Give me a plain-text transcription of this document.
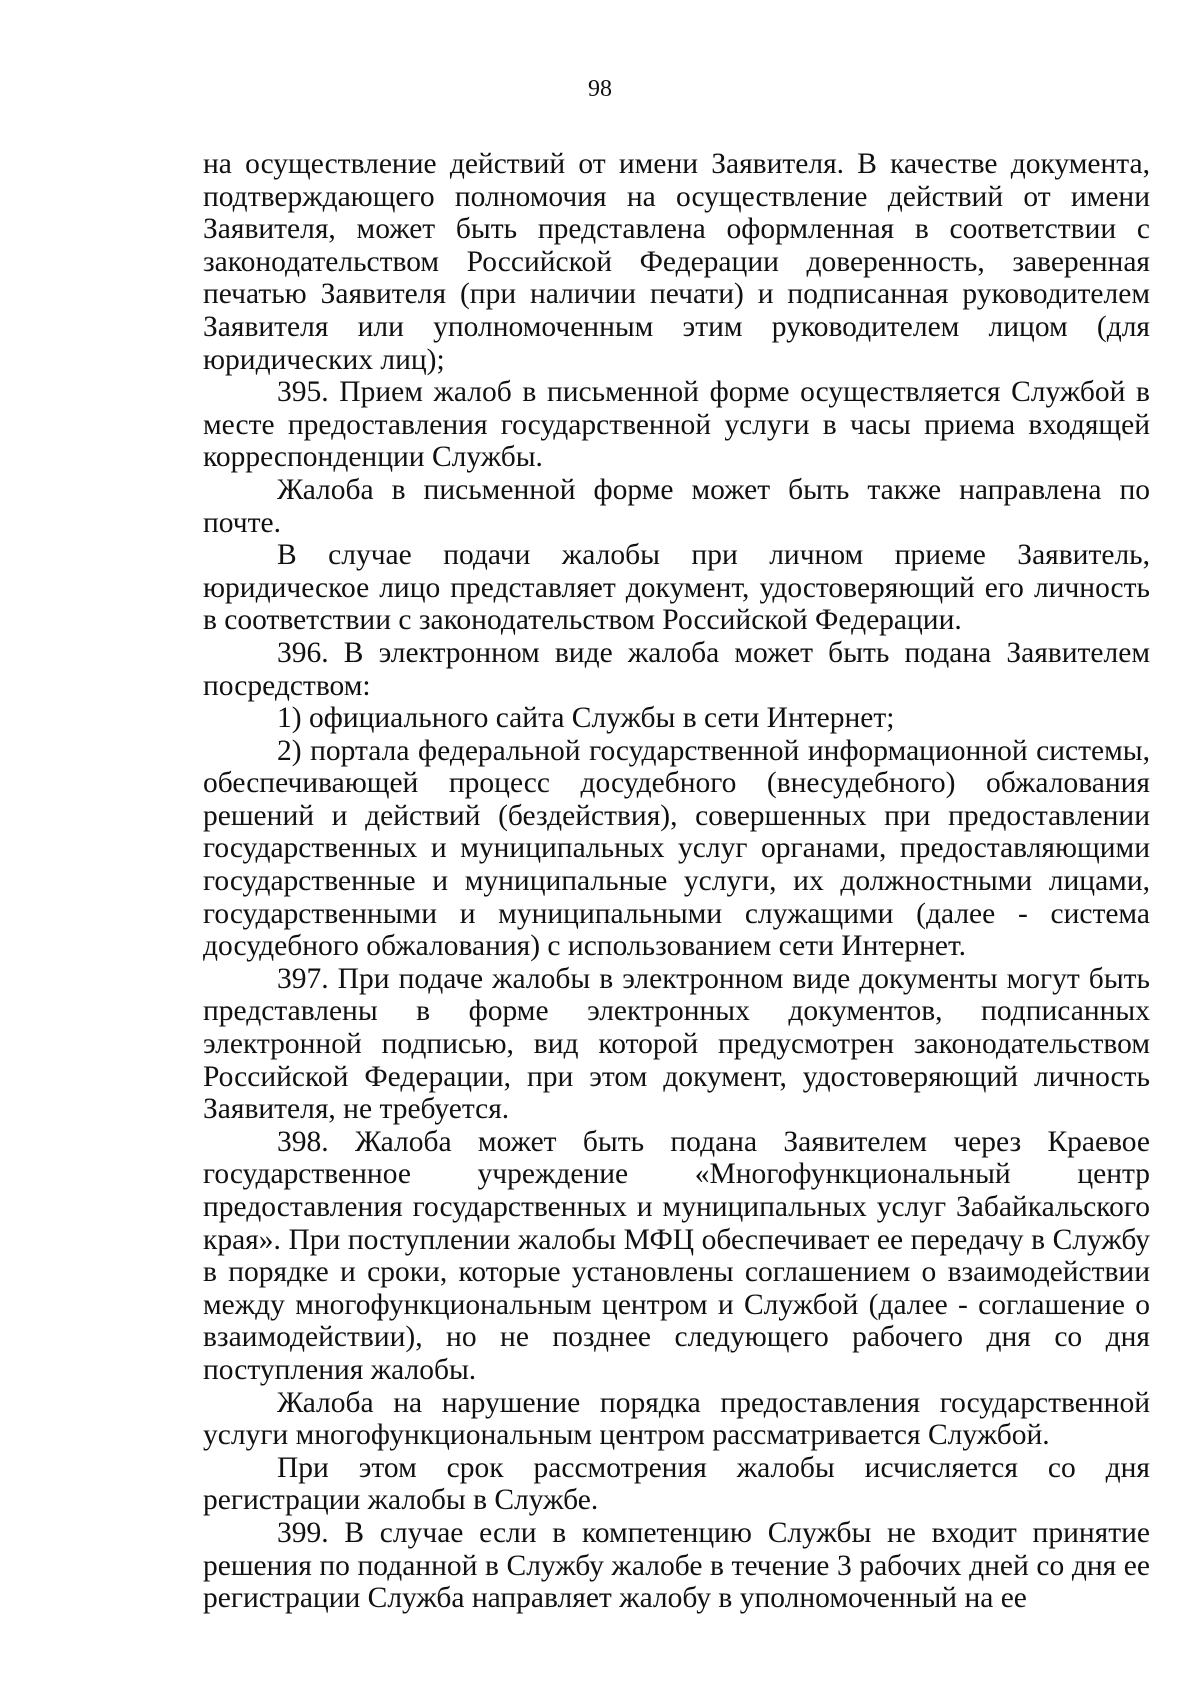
98

на осуществление действий от имени Заявителя. В качестве документа, подтверждающего полномочия на осуществление действий от имени Заявителя, может быть представлена оформленная в соответствии с законодательством Российской Федерации доверенность, заверенная печатью Заявителя (при наличии печати) и подписанная руководителем Заявителя или уполномоченным этим руководителем лицом (для юридических лиц);

395. Прием жалоб в письменной форме осуществляется Службой в месте предоставления государственной услуги в часы приема входящей корреспонденции Службы.

Жалоба в письменной форме может быть также направлена по почте.

В случае подачи жалобы при личном приеме Заявитель, юридическое лицо представляет документ, удостоверяющий его личность в соответствии с законодательством Российской Федерации.

396. В электронном виде жалоба может быть подана Заявителем посредством:

1) официального сайта Службы в сети Интернет;

2) портала федеральной государственной информационной системы, обеспечивающей процесс досудебного (внесудебного) обжалования решений и действий (бездействия), совершенных при предоставлении государственных и муниципальных услуг органами, предоставляющими государственные и муниципальные услуги, их должностными лицами, государственными и муниципальными служащими (далее - система досудебного обжалования) с использованием сети Интернет.

397. При подаче жалобы в электронном виде документы могут быть представлены в форме электронных документов, подписанных электронной подписью, вид которой предусмотрен законодательством Российской Федерации, при этом документ, удостоверяющий личность Заявителя, не требуется.

398. Жалоба может быть подана Заявителем через Краевое государственное учреждение «Многофункциональный центр предоставления государственных и муниципальных услуг Забайкальского края». При поступлении жалобы МФЦ обеспечивает ее передачу в Службу в порядке и сроки, которые установлены соглашением о взаимодействии между многофункциональным центром и Службой (далее - соглашение о взаимодействии), но не позднее следующего рабочего дня со дня поступления жалобы.

Жалоба на нарушение порядка предоставления государственной услуги многофункциональным центром рассматривается Службой.

При этом срок рассмотрения жалобы исчисляется со дня регистрации жалобы в Службе.

399. В случае если в компетенцию Службы не входит принятие решения по поданной в Службу жалобе в течение 3 рабочих дней со дня ее регистрации Служба направляет жалобу в уполномоченный на ее
